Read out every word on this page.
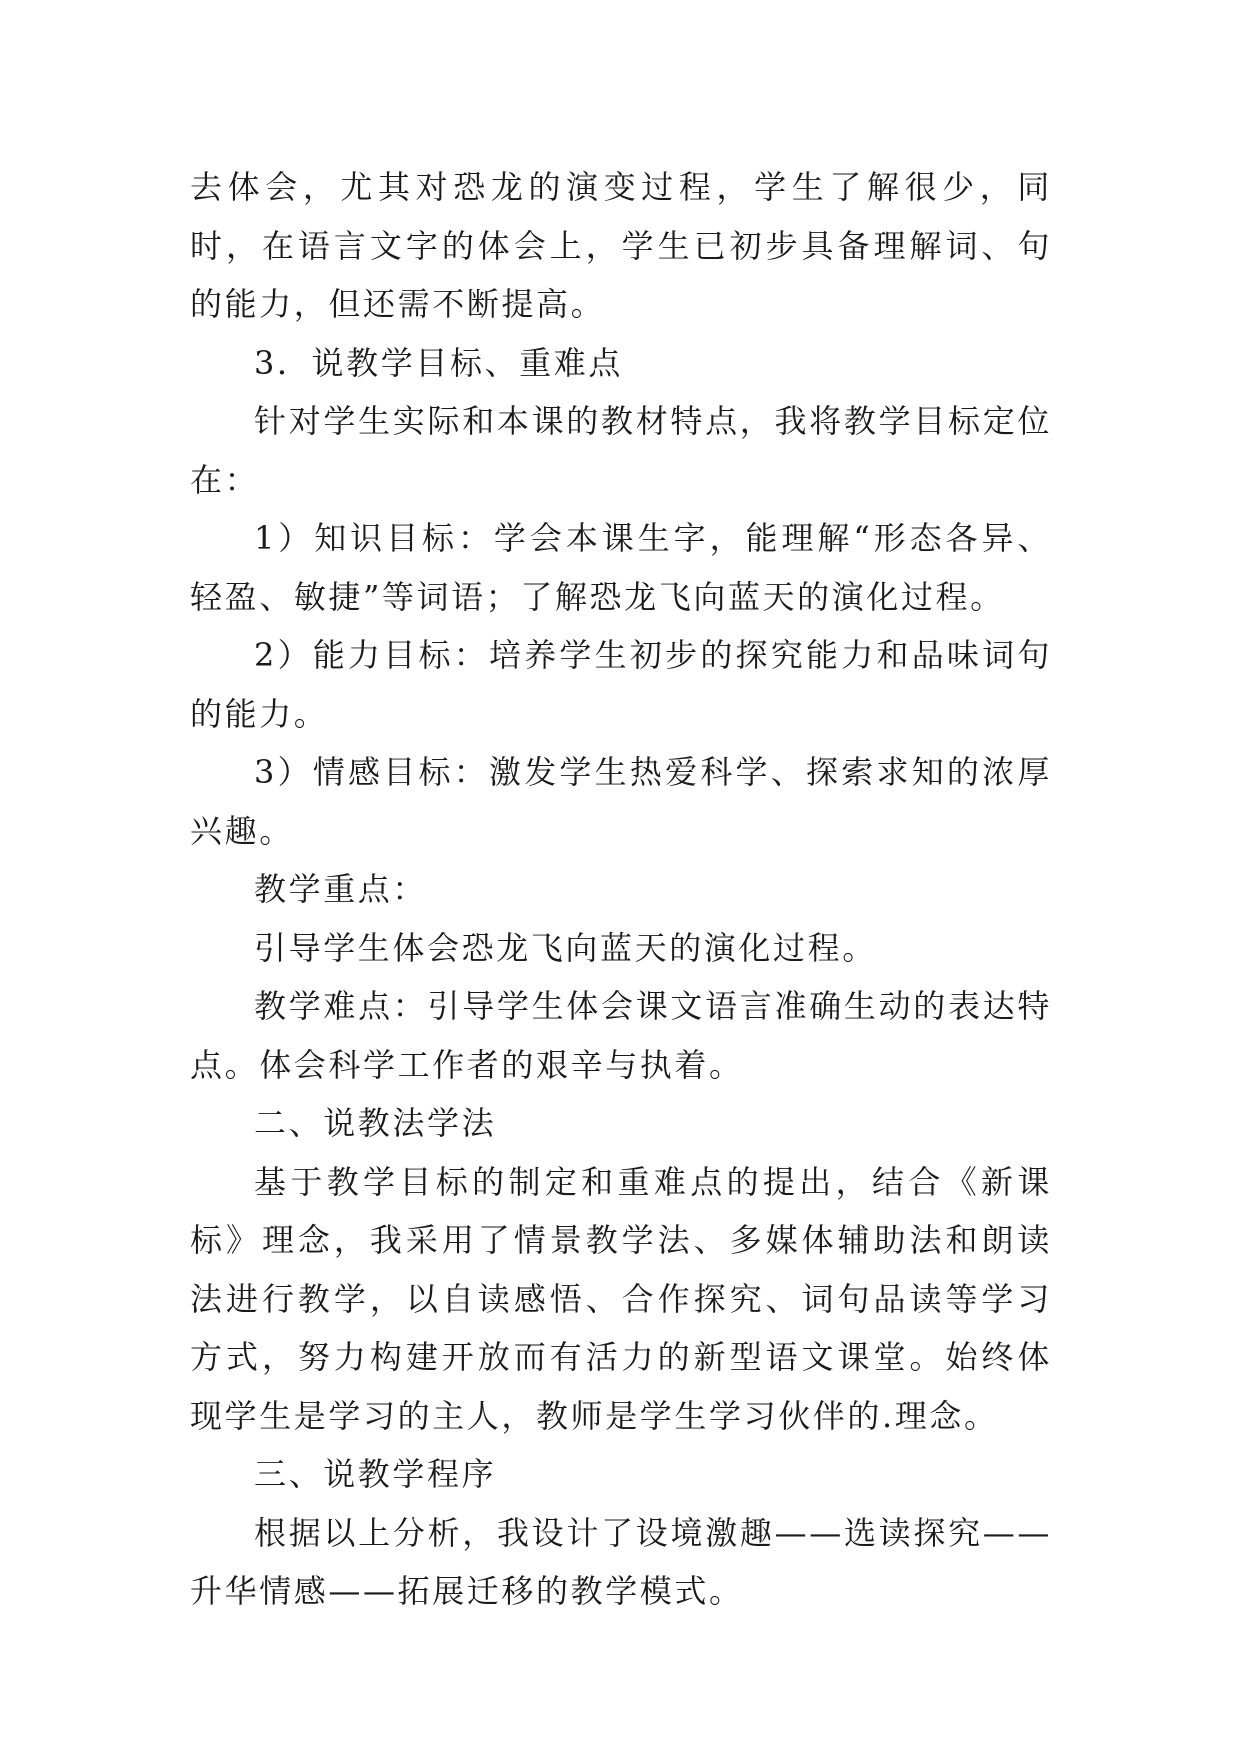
去体会，尤其对恐龙的演变过程，学生了解很少，同时，在语言文字的体会上，学生已初步具备理解词、句的能力，但还需不断提高。

3．说教学目标、重难点

针对学生实际和本课的教材特点，我将教学目标定位在：

1）知识目标：学会本课生字，能理解“形态各异、轻盈、敏捷”等词语；了解恐龙飞向蓝天的演化过程。

2）能力目标：培养学生初步的探究能力和品味词句的能力。

3）情感目标：激发学生热爱科学、探索求知的浓厚兴趣。

教学重点：

引导学生体会恐龙飞向蓝天的演化过程。

教学难点：引导学生体会课文语言准确生动的表达特点。体会科学工作者的艰辛与执着。

二、说教法学法

基于教学目标的制定和重难点的提出，结合《新课标》理念，我采用了情景教学法、多媒体辅助法和朗读法进行教学，以自读感悟、合作探究、词句品读等学习方式，努力构建开放而有活力的新型语文课堂。始终体现学生是学习的主人，教师是学生学习伙伴的.理念。

三、说教学程序

根据以上分析，我设计了设境激趣——选读探究——升华情感——拓展迁移的教学模式。
